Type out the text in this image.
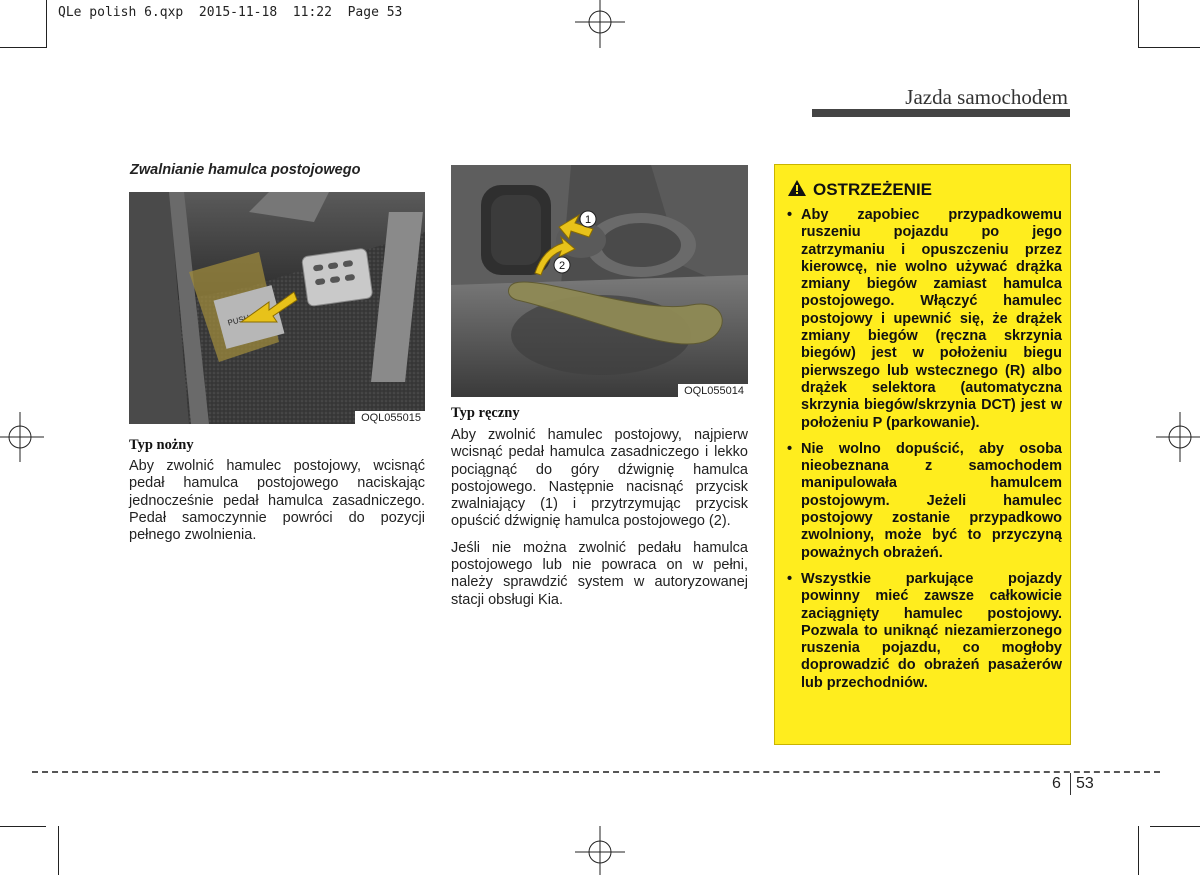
QLe polish 6.qxp  2015-11-18  11:22  Page 53
Jazda samochodem
Zwalnianie hamulca postojowego
PUSH
OQL055015
Typ nożny

Aby zwolnić hamulec postojowy, wcisnąć pedał hamulca postojowego naciskając jednocześnie pedał hamulca zasadniczego. Pedał samoczynnie powróci do pozycji pełnego zwolnienia.

1
2
OQL055014
Typ ręczny

Aby zwolnić hamulec postojowy, najpierw wcisnąć pedał hamulca zasadniczego i lekko pociągnąć do góry dźwignię hamulca postojowego. Następnie nacisnąć przycisk zwalniający (1) i przytrzymując przycisk opuścić dźwignię hamulca postojowego (2).

Jeśli nie można zwolnić pedału hamulca postojowego lub nie powraca on w pełni, należy sprawdzić system w autoryzowanej stacji obsługi Kia.

OSTRZEŻENIE
• Aby zapobiec przypadkowemu ruszeniu pojazdu po jego zatrzymaniu i opuszczeniu przez kierowcę, nie wolno używać drążka zmiany biegów zamiast hamulca postojowego. Włączyć hamulec postojowy i upewnić się, że drążek zmiany biegów (ręczna skrzynia biegów) jest w położeniu biegu pierwszego lub wstecznego (R) albo drążek selektora (automatyczna skrzynia biegów/skrzynia DCT) jest w położeniu P (parkowanie).
• Nie wolno dopuścić, aby osoba nieobeznana z samochodem manipulowała hamulcem postojowym. Jeżeli hamulec postojowy zostanie przypadkowo zwolniony, może być to przyczyną poważnych obrażeń.
• Wszystkie parkujące pojazdy powinny mieć zawsze całkowicie zaciągnięty hamulec postojowy. Pozwala to uniknąć niezamierzonego ruszenia pojazdu, co mogłoby doprowadzić do obrażeń pasażerów lub przechodniów.
6 53
